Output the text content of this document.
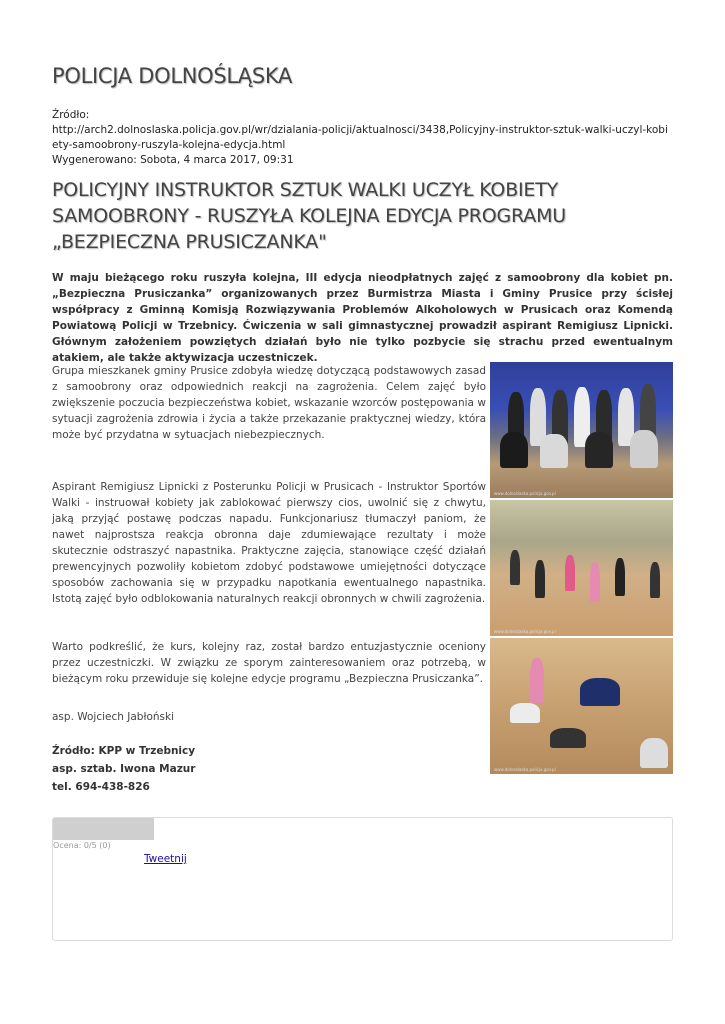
POLICJA DOLNOŚLĄSKA
Źródło:
http://arch2.dolnoslaska.policja.gov.pl/wr/dzialania-policji/aktualnosci/3438,Policyjny-instruktor-sztuk-walki-uczyl-kobiety-samoobrony-ruszyla-kolejna-edycja.html
Wygenerowano: Sobota, 4 marca 2017, 09:31
POLICYJNY INSTRUKTOR SZTUK WALKI UCZYŁ KOBIETY SAMOOBRONY - RUSZYŁA KOLEJNA EDYCJA PROGRAMU „BEZPIECZNA PRUSICZANKA"

W maju bieżącego roku ruszyła kolejna, III edycja nieodpłatnych zajęć z samoobrony dla kobiet pn. „Bezpieczna Prusiczanka” organizowanych przez Burmistrza Miasta i Gminy Prusice przy ścisłej współpracy z Gminną Komisją Rozwiązywania Problemów Alkoholowych w Prusicach oraz Komendą Powiatową Policji w Trzebnicy. Ćwiczenia w sali gimnastycznej prowadził aspirant Remigiusz Lipnicki. Głównym założeniem powziętych działań było nie tylko pozbycie się strachu przed ewentualnym atakiem, ale także aktywizacja uczestniczek.

Grupa mieszkanek gminy Prusice zdobyła wiedzę dotyczącą podstawowych zasad z samoobrony oraz odpowiednich reakcji na zagrożenia. Celem zajęć było zwiększenie poczucia bezpieczeństwa kobiet, wskazanie wzorców postępowania w sytuacji zagrożenia zdrowia i życia a także przekazanie praktycznej wiedzy, która może być przydatna w sytuacjach niebezpiecznych.

Aspirant Remigiusz Lipnicki z Posterunku Policji w Prusicach - Instruktor Sportów Walki - instruował kobiety jak zablokować pierwszy cios, uwolnić się z chwytu, jaką przyjąć postawę podczas napadu. Funkcjonariusz tłumaczył paniom, że nawet najprostsza reakcja obronna daje zdumiewające rezultaty i może skutecznie odstraszyć napastnika. Praktyczne zajęcia, stanowiące część działań prewencyjnych pozwoliły kobietom zdobyć podstawowe umiejętności dotyczące sposobów zachowania się w przypadku napotkania ewentualnego napastnika. Istotą zajęć było odblokowania naturalnych reakcji obronnych w chwili zagrożenia.

Warto podkreślić, że kurs, kolejny raz, został bardzo entuzjastycznie oceniony przez uczestniczki. W związku ze sporym zainteresowaniem oraz potrzebą, w bieżącym roku przewiduje się kolejne edycje programu „Bezpieczna Prusiczanka”.

asp. Wojciech Jabłoński

Źródło: KPP w Trzebnicy
asp. sztab. Iwona Mazur
tel. 694-438-826
www.dolnoslaska.policja.gov.pl
www.dolnoslaska.policja.gov.pl
www.dolnoslaska.policja.gov.pl
Ocena: 0/5 (0)
Tweetnij
